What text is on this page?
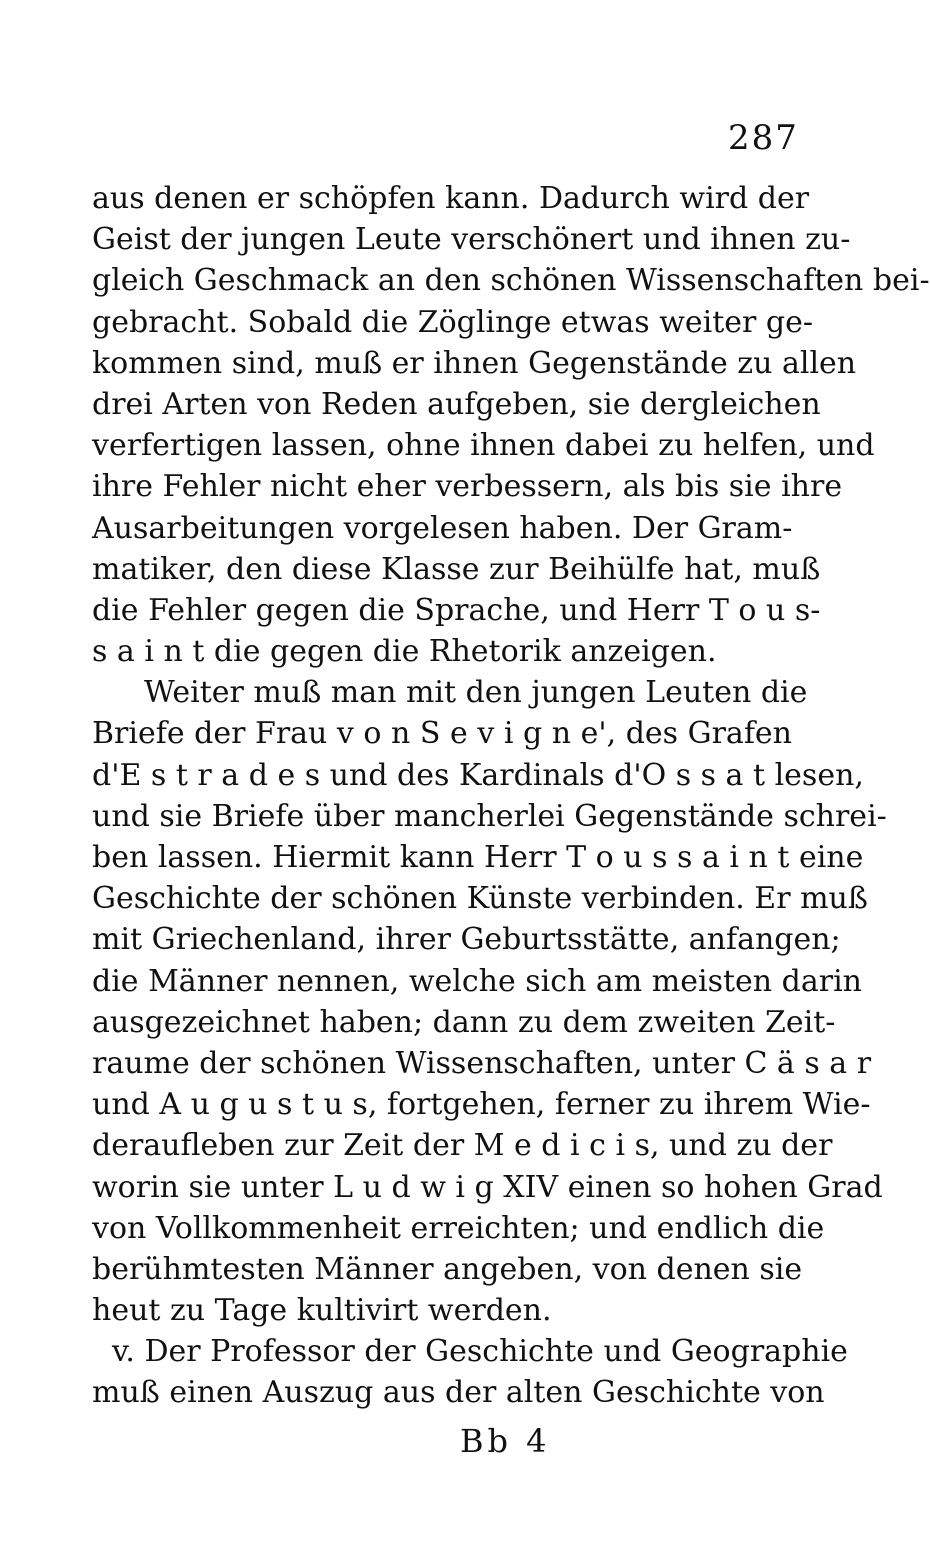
287
aus denen er schöpfen kann. Dadurch wird der
Geist der jungen Leute verschönert und ihnen zu-
gleich Geschmack an den schönen Wissenschaften bei-
gebracht. Sobald die Zöglinge etwas weiter ge-
kommen sind, muß er ihnen Gegenstände zu allen
drei Arten von Reden aufgeben, sie dergleichen
verfertigen lassen, ohne ihnen dabei zu helfen, und
ihre Fehler nicht eher verbessern, als bis sie ihre
Ausarbeitungen vorgelesen haben. Der Gram-
matiker, den diese Klasse zur Beihülfe hat, muß
die Fehler gegen die Sprache, und Herr T o u s-
s a i n t die gegen die Rhetorik anzeigen.
Weiter muß man mit den jungen Leuten die
Briefe der Frau v o n S e v i g n e', des Grafen
d'E s t r a d e s und des Kardinals d'O s s a t lesen,
und sie Briefe über mancherlei Gegenstände schrei-
ben lassen. Hiermit kann Herr T o u s s a i n t eine
Geschichte der schönen Künste verbinden. Er muß
mit Griechenland, ihrer Geburtsstätte, anfangen;
die Männer nennen, welche sich am meisten darin
ausgezeichnet haben; dann zu dem zweiten Zeit-
raume der schönen Wissenschaften, unter C ä s a r
und A u g u s t u s, fortgehen, ferner zu ihrem Wie-
deraufleben zur Zeit der M e d i c i s, und zu der
worin sie unter L u d w i g XIV einen so hohen Grad
von Vollkommenheit erreichten; und endlich die
berühmtesten Männer angeben, von denen sie
heut zu Tage kultivirt werden.
v. Der Professor der Geschichte und Geographie
muß einen Auszug aus der alten Geschichte von
Bb 4
